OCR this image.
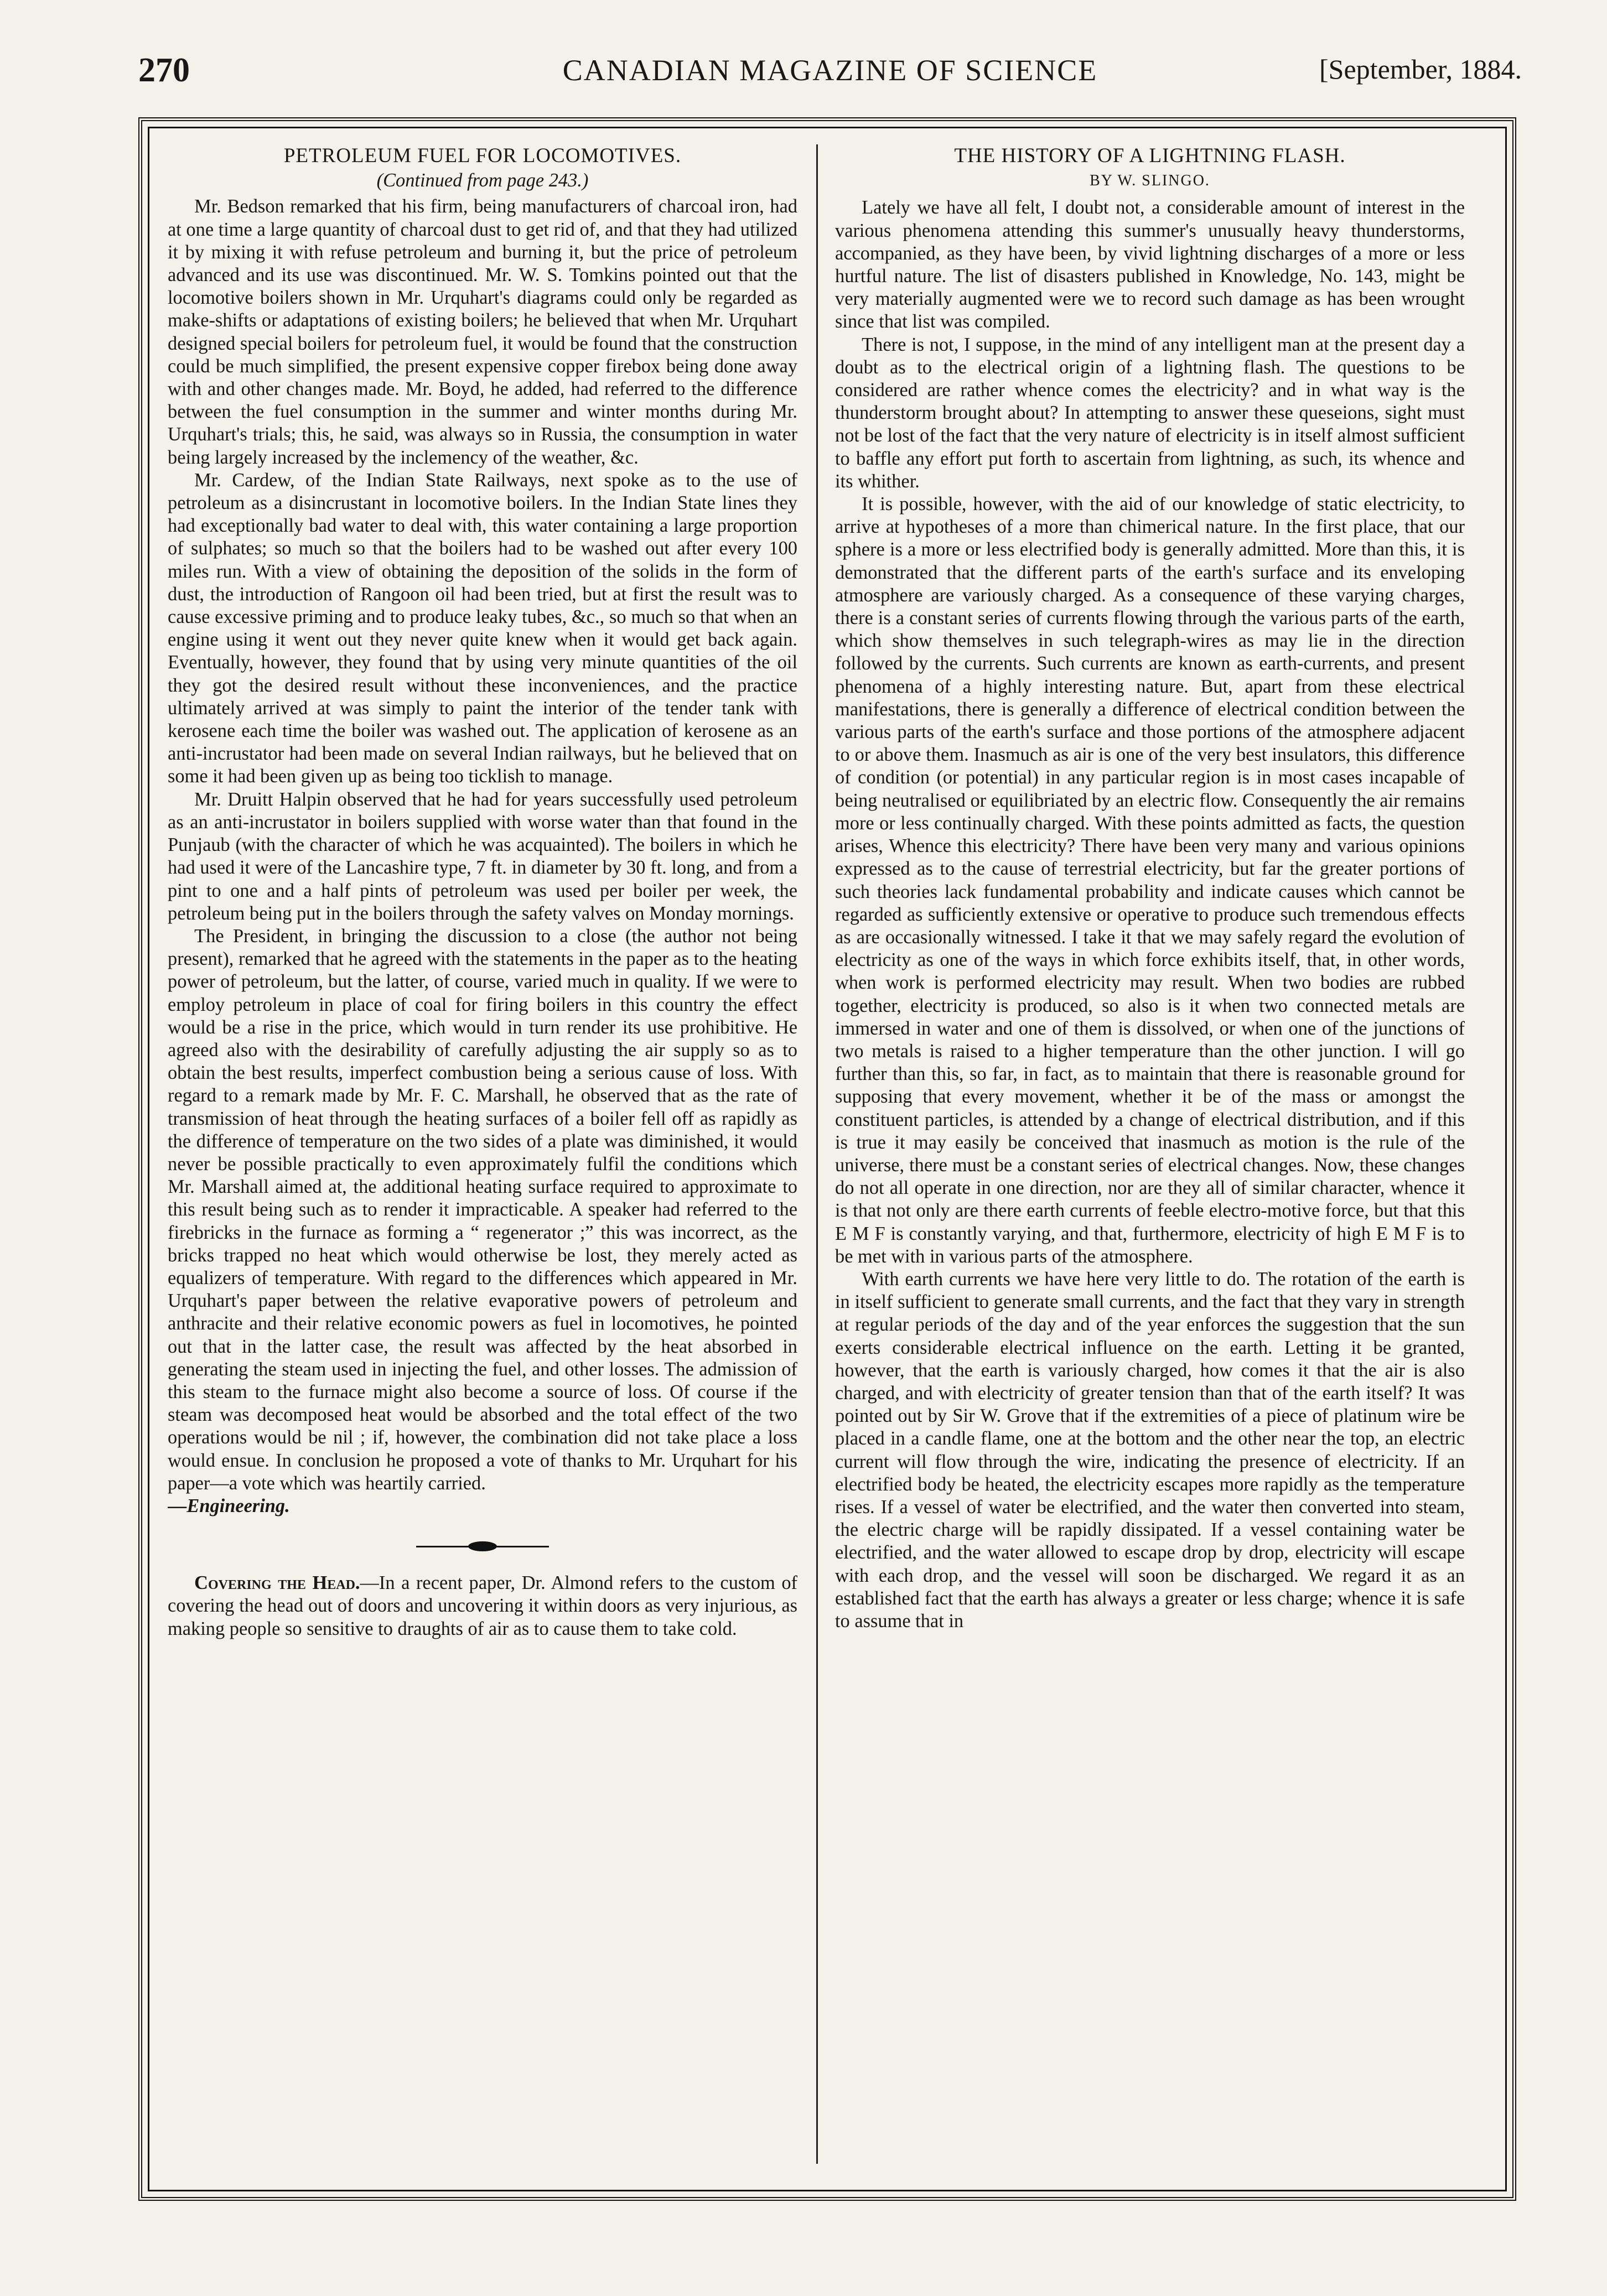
270	CANADIAN MAGAZINE OF SCIENCE	[September, 1884.
PETROLEUM FUEL FOR LOCOMOTIVES.
(Continued from page 243.)

Mr. Bedson remarked that his firm, being manufacturers of charcoal iron, had at one time a large quantity of charcoal dust to get rid of, and that they had utilized it by mixing it with refuse petroleum and burning it, but the price of petroleum advanced and its use was discontinued. Mr. W. S. Tomkins pointed out that the locomotive boilers shown in Mr. Urquhart's diagrams could only be regarded as make-shifts or adaptations of existing boilers; he believed that when Mr. Urquhart designed special boilers for petroleum fuel, it would be found that the construction could be much simplified, the present expensive copper firebox being done away with and other changes made. Mr. Boyd, he added, had referred to the difference between the fuel consumption in the summer and winter months during Mr. Urquhart's trials; this, he said, was always so in Russia, the consumption in water being largely increased by the inclemency of the weather, &c.

Mr. Cardew, of the Indian State Railways, next spoke as to the use of petroleum as a disincrustant in locomotive boilers. In the Indian State lines they had exceptionally bad water to deal with, this water containing a large proportion of sulphates; so much so that the boilers had to be washed out after every 100 miles run. With a view of obtaining the deposition of the solids in the form of dust, the introduction of Rangoon oil had been tried, but at first the result was to cause excessive priming and to produce leaky tubes, &c., so much so that when an engine using it went out they never quite knew when it would get back again. Eventually, however, they found that by using very minute quantities of the oil they got the desired result without these inconveniences, and the practice ultimately arrived at was simply to paint the interior of the tender tank with kerosene each time the boiler was washed out. The application of kerosene as an anti-incrustator had been made on several Indian railways, but he believed that on some it had been given up as being too ticklish to manage.

Mr. Druitt Halpin observed that he had for years successfully used petroleum as an anti-incrustator in boilers supplied with worse water than that found in the Punjaub (with the character of which he was acquainted). The boilers in which he had used it were of the Lancashire type, 7 ft. in diameter by 30 ft. long, and from a pint to one and a half pints of petroleum was used per boiler per week, the petroleum being put in the boilers through the safety valves on Monday mornings.

The President, in bringing the discussion to a close (the author not being present), remarked that he agreed with the statements in the paper as to the heating power of petroleum, but the latter, of course, varied much in quality. If we were to employ petroleum in place of coal for firing boilers in this country the effect would be a rise in the price, which would in turn render its use prohibitive. He agreed also with the desirability of carefully adjusting the air supply so as to obtain the best results, imperfect combustion being a serious cause of loss. With regard to a remark made by Mr. F. C. Marshall, he observed that as the rate of transmission of heat through the heating surfaces of a boiler fell off as rapidly as the difference of temperature on the two sides of a plate was diminished, it would never be possible practically to even approximately fulfil the conditions which Mr. Marshall aimed at, the additional heating surface required to approximate to this result being such as to render it impracticable. A speaker had referred to the firebricks in the furnace as forming a “ regenerator ;” this was incorrect, as the bricks trapped no heat which would otherwise be lost, they merely acted as equalizers of temperature. With regard to the differences which appeared in Mr. Urquhart's paper between the relative evaporative powers of petroleum and anthracite and their relative economic powers as fuel in locomotives, he pointed out that in the latter case, the result was affected by the heat absorbed in generating the steam used in injecting the fuel, and other losses. The admission of this steam to the furnace might also become a source of loss. Of course if the steam was decomposed heat would be absorbed and the total effect of the two operations would be nil ; if, however, the combination did not take place a loss would ensue. In conclusion he proposed a vote of thanks to Mr. Urquhart for his paper—a vote which was heartily carried.

—Engineering.

Covering the Head.—In a recent paper, Dr. Almond refers to the custom of covering the head out of doors and uncovering it within doors as very injurious, as making people so sensitive to draughts of air as to cause them to take cold.

THE HISTORY OF A LIGHTNING FLASH.
BY W. SLINGO.

Lately we have all felt, I doubt not, a considerable amount of interest in the various phenomena attending this summer's unusually heavy thunderstorms, accompanied, as they have been, by vivid lightning discharges of a more or less hurtful nature. The list of disasters published in Knowledge, No. 143, might be very materially augmented were we to record such damage as has been wrought since that list was compiled.

There is not, I suppose, in the mind of any intelligent man at the present day a doubt as to the electrical origin of a lightning flash. The questions to be considered are rather whence comes the electricity? and in what way is the thunderstorm brought about? In attempting to answer these queseions, sight must not be lost of the fact that the very nature of electricity is in itself almost sufficient to baffle any effort put forth to ascertain from lightning, as such, its whence and its whither.

It is possible, however, with the aid of our knowledge of static electricity, to arrive at hypotheses of a more than chimerical nature. In the first place, that our sphere is a more or less electrified body is generally admitted. More than this, it is demonstrated that the different parts of the earth's surface and its enveloping atmosphere are variously charged. As a consequence of these varying charges, there is a constant series of currents flowing through the various parts of the earth, which show themselves in such telegraph-wires as may lie in the direction followed by the currents. Such currents are known as earth-currents, and present phenomena of a highly interesting nature. But, apart from these electrical manifestations, there is generally a difference of electrical condition between the various parts of the earth's surface and those portions of the atmosphere adjacent to or above them. Inasmuch as air is one of the very best insulators, this difference of condition (or potential) in any particular region is in most cases incapable of being neutralised or equilibriated by an electric flow. Consequently the air remains more or less continually charged. With these points admitted as facts, the question arises, Whence this electricity? There have been very many and various opinions expressed as to the cause of terrestrial electricity, but far the greater portions of such theories lack fundamental probability and indicate causes which cannot be regarded as sufficiently extensive or operative to produce such tremendous effects as are occasionally witnessed. I take it that we may safely regard the evolution of electricity as one of the ways in which force exhibits itself, that, in other words, when work is performed electricity may result. When two bodies are rubbed together, electricity is produced, so also is it when two connected metals are immersed in water and one of them is dissolved, or when one of the junctions of two metals is raised to a higher temperature than the other junction. I will go further than this, so far, in fact, as to maintain that there is reasonable ground for supposing that every movement, whether it be of the mass or amongst the constituent particles, is attended by a change of electrical distribution, and if this is true it may easily be conceived that inasmuch as motion is the rule of the universe, there must be a constant series of electrical changes. Now, these changes do not all operate in one direction, nor are they all of similar character, whence it is that not only are there earth currents of feeble electro-motive force, but that this E M F is constantly varying, and that, furthermore, electricity of high E M F is to be met with in various parts of the atmosphere.

With earth currents we have here very little to do. The rotation of the earth is in itself sufficient to generate small currents, and the fact that they vary in strength at regular periods of the day and of the year enforces the suggestion that the sun exerts considerable electrical influence on the earth. Letting it be granted, however, that the earth is variously charged, how comes it that the air is also charged, and with electricity of greater tension than that of the earth itself? It was pointed out by Sir W. Grove that if the extremities of a piece of platinum wire be placed in a candle flame, one at the bottom and the other near the top, an electric current will flow through the wire, indicating the presence of electricity. If an electrified body be heated, the electricity escapes more rapidly as the temperature rises. If a vessel of water be electrified, and the water then converted into steam, the electric charge will be rapidly dissipated. If a vessel containing water be electrified, and the water allowed to escape drop by drop, electricity will escape with each drop, and the vessel will soon be discharged. We regard it as an established fact that the earth has always a greater or less charge; whence it is safe to assume that in
